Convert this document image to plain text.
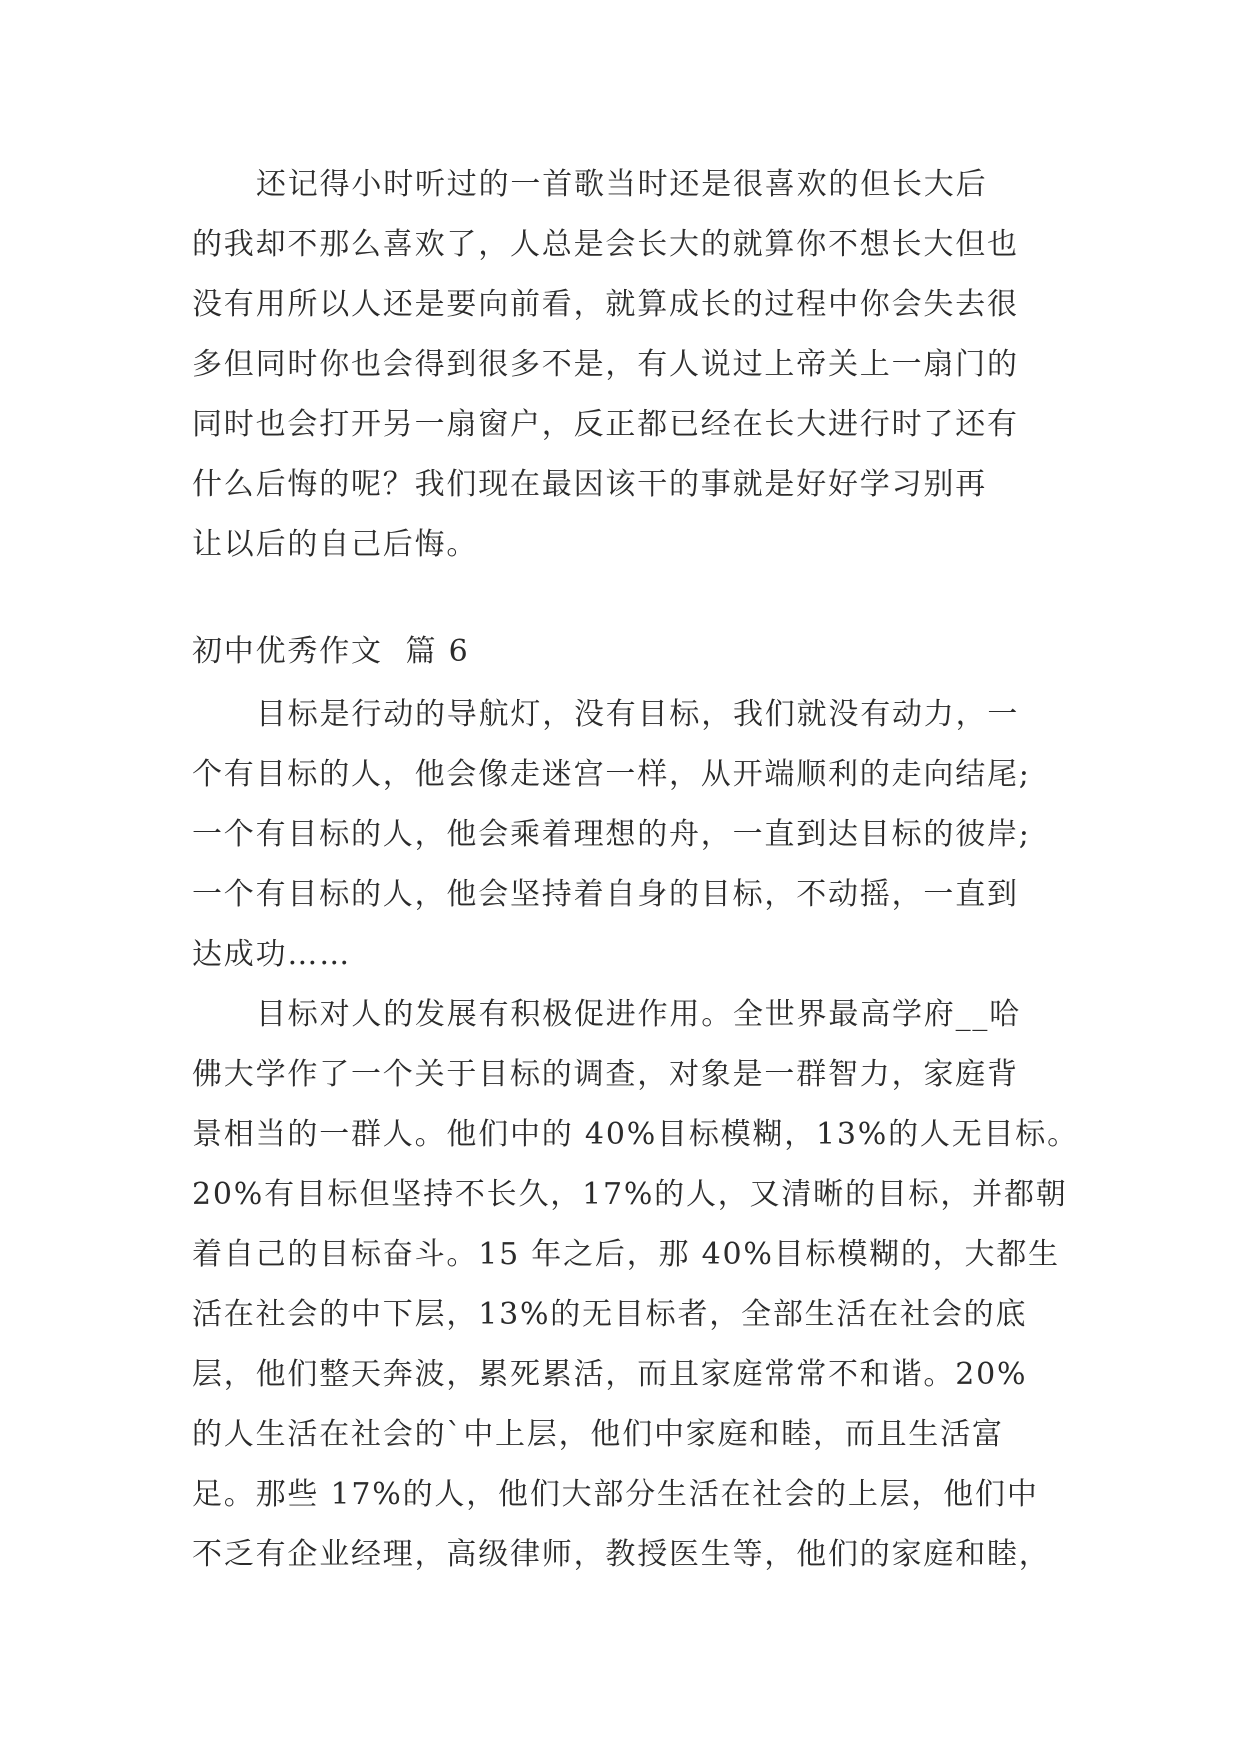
还记得小时听过的一首歌当时还是很喜欢的但长大后
的我却不那么喜欢了，人总是会长大的就算你不想长大但也
没有用所以人还是要向前看，就算成长的过程中你会失去很
多但同时你也会得到很多不是，有人说过上帝关上一扇门的
同时也会打开另一扇窗户，反正都已经在长大进行时了还有
什么后悔的呢？我们现在最因该干的事就是好好学习别再
让以后的自己后悔。
初中优秀作文  篇 6
目标是行动的导航灯，没有目标，我们就没有动力，一
个有目标的人，他会像走迷宫一样，从开端顺利的走向结尾;
一个有目标的人，他会乘着理想的舟，一直到达目标的彼岸;
一个有目标的人，他会坚持着自身的目标，不动摇，一直到
达成功……
目标对人的发展有积极促进作用。全世界最高学府__哈
佛大学作了一个关于目标的调查，对象是一群智力，家庭背
景相当的一群人。他们中的 40%目标模糊，13%的人无目标。
20%有目标但坚持不长久，17%的人，又清晰的目标，并都朝
着自己的目标奋斗。15 年之后，那 40%目标模糊的，大都生
活在社会的中下层，13%的无目标者，全部生活在社会的底
层，他们整天奔波，累死累活，而且家庭常常不和谐。20%
的人生活在社会的`中上层，他们中家庭和睦，而且生活富
足。那些 17%的人，他们大部分生活在社会的上层，他们中
不乏有企业经理，高级律师，教授医生等，他们的家庭和睦，
